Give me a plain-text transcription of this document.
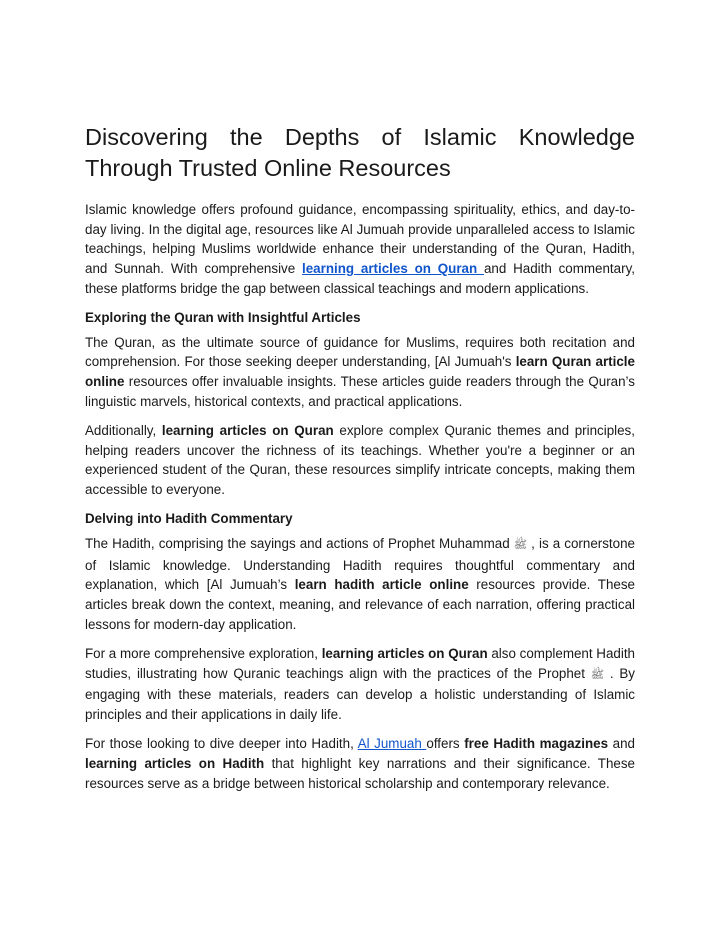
Discovering the Depths of Islamic Knowledge
Through Trusted Online Resources

Islamic knowledge offers profound guidance, encompassing spirituality, ethics, and day-to-day living. In the digital age, resources like Al Jumuah provide unparalleled access to Islamic teachings, helping Muslims worldwide enhance their understanding of the Quran, Hadith, and Sunnah. With comprehensive learning articles on Quran and Hadith commentary, these platforms bridge the gap between classical teachings and modern applications.

Exploring the Quran with Insightful Articles

The Quran, as the ultimate source of guidance for Muslims, requires both recitation and comprehension. For those seeking deeper understanding, [Al Jumuah's learn Quran article online resources offer invaluable insights. These articles guide readers through the Quran’s linguistic marvels, historical contexts, and practical applications.

Additionally, learning articles on Quran explore complex Quranic themes and principles, helping readers uncover the richness of its teachings. Whether you're a beginner or an experienced student of the Quran, these resources simplify intricate concepts, making them accessible to everyone.

Delving into Hadith Commentary

The Hadith, comprising the sayings and actions of Prophet Muhammad ﷺ , is a cornerstone of Islamic knowledge. Understanding Hadith requires thoughtful commentary and explanation, which [Al Jumuah’s learn hadith article online resources provide. These articles break down the context, meaning, and relevance of each narration, offering practical lessons for modern-day application.

For a more comprehensive exploration, learning articles on Quran also complement Hadith studies, illustrating how Quranic teachings align with the practices of the Prophet ﷺ . By engaging with these materials, readers can develop a holistic understanding of Islamic principles and their applications in daily life.

For those looking to dive deeper into Hadith, Al Jumuah offers free Hadith magazines and learning articles on Hadith that highlight key narrations and their significance. These resources serve as a bridge between historical scholarship and contemporary relevance.
